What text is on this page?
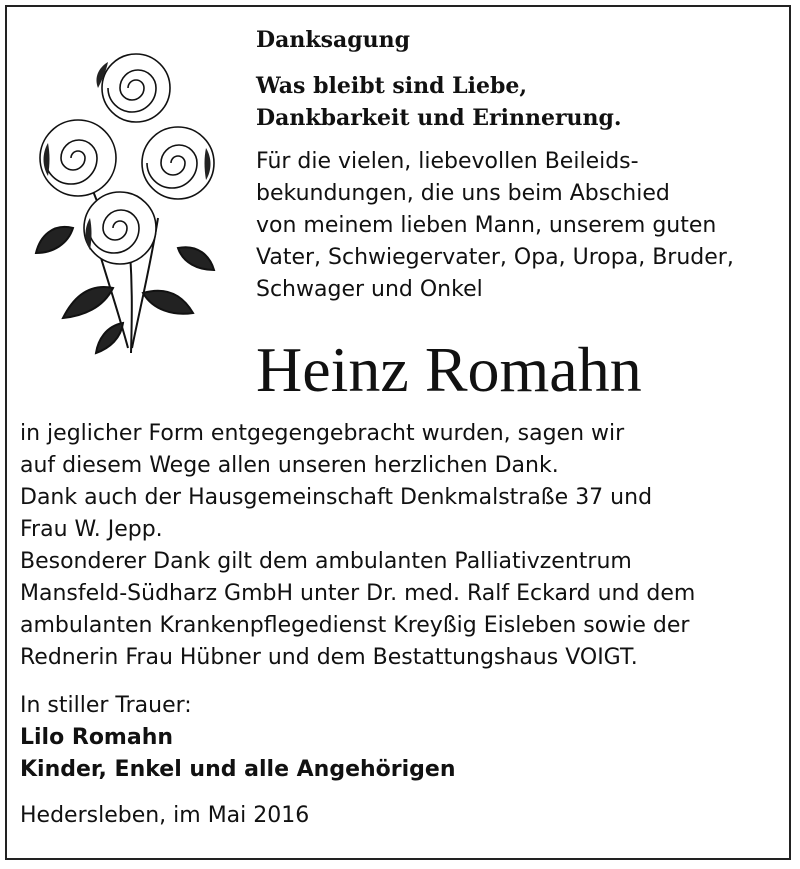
Danksagung

Was bleibt sind Liebe,

Dankbarkeit und Erinnerung.

Für die vielen, liebevollen Beileids-
bekundungen, die uns beim Abschied
von meinem lieben Mann, unserem guten
Vater, Schwiegervater, Opa, Uropa, Bruder,
Schwager und Onkel

Heinz Romahn

in jeglicher Form entgegengebracht wurden, sagen wir

auf diesem Wege allen unseren herzlichen Dank.

Dank auch der Hausgemeinschaft Denkmalstraße 37 und

Frau W. Jepp.

Besonderer Dank gilt dem ambulanten Palliativzentrum

Mansfeld-Südharz GmbH unter Dr. med. Ralf Eckard und dem

ambulanten Krankenpflegedienst Kreyßig Eisleben sowie der

Rednerin Frau Hübner und dem Bestattungshaus VOIGT.

In stiller Trauer:

Lilo Romahn

Kinder, Enkel und alle Angehörigen

Hedersleben, im Mai 2016
